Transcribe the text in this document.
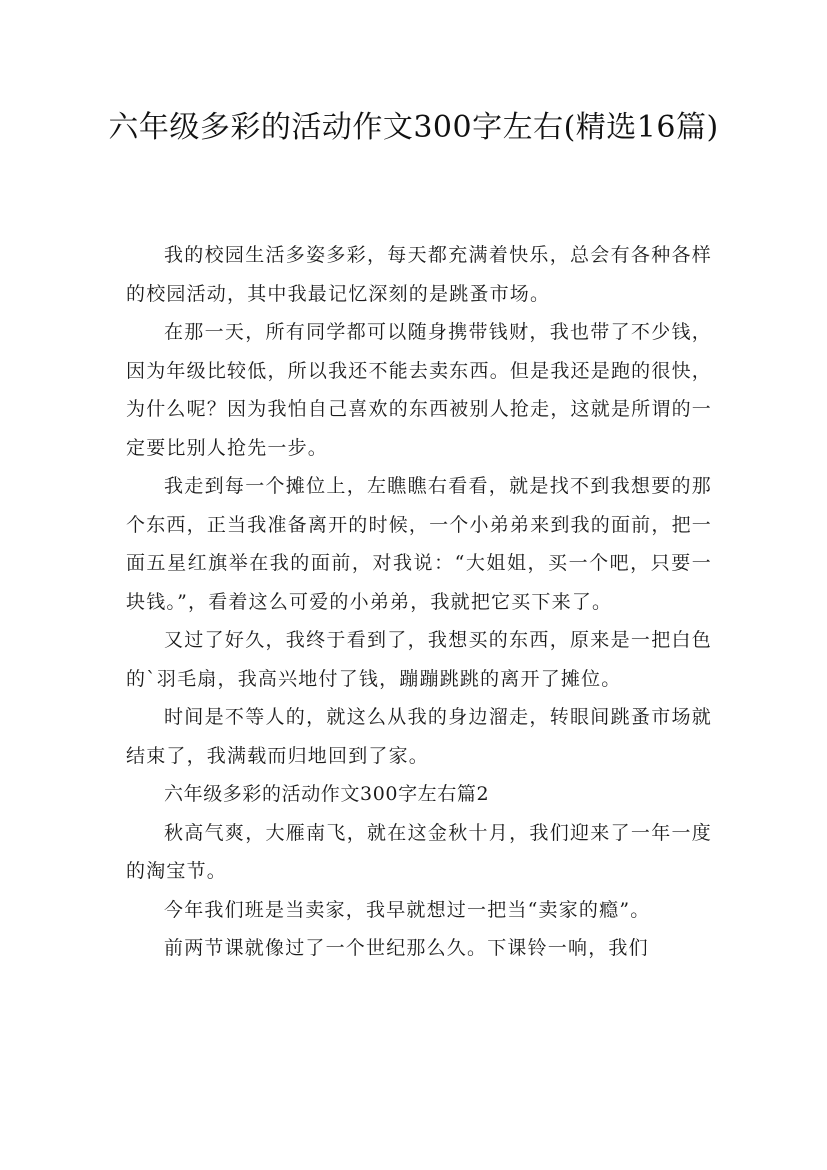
六年级多彩的活动作文300字左右(精选16篇)

我的校园生活多姿多彩，每天都充满着快乐，总会有各种各样的校园活动，其中我最记忆深刻的是跳蚤市场。

在那一天，所有同学都可以随身携带钱财，我也带了不少钱，因为年级比较低，所以我还不能去卖东西。但是我还是跑的很快，为什么呢？因为我怕自己喜欢的东西被别人抢走，这就是所谓的一定要比别人抢先一步。

我走到每一个摊位上，左瞧瞧右看看，就是找不到我想要的那个东西，正当我准备离开的时候，一个小弟弟来到我的面前，把一面五星红旗举在我的面前，对我说：“大姐姐，买一个吧，只要一块钱。”，看着这么可爱的小弟弟，我就把它买下来了。

又过了好久，我终于看到了，我想买的东西，原来是一把白色的`羽毛扇，我高兴地付了钱，蹦蹦跳跳的离开了摊位。

时间是不等人的，就这么从我的身边溜走，转眼间跳蚤市场就结束了，我满载而归地回到了家。

六年级多彩的活动作文300字左右篇2

秋高气爽，大雁南飞，就在这金秋十月，我们迎来了一年一度的淘宝节。

今年我们班是当卖家，我早就想过一把当“卖家的瘾”。

前两节课就像过了一个世纪那么久。下课铃一响，我们
